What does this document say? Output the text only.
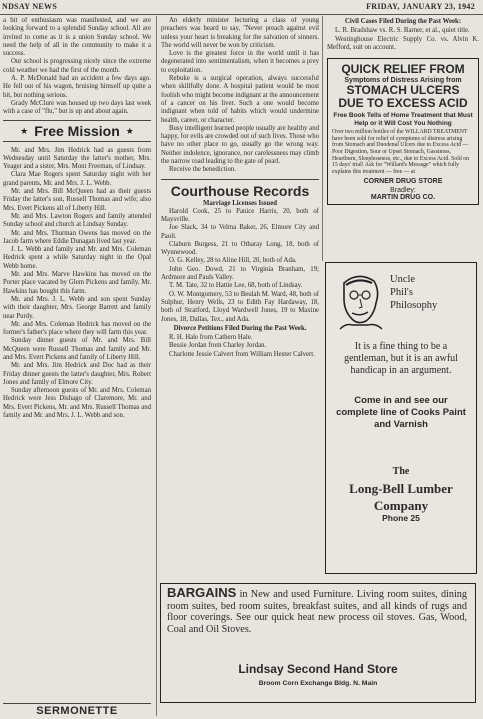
NDSAY NEWS	FRIDAY, JANUARY 23, 1942

a bit of enthusiasm was manifested, and we are looking forward to a splendid Sunday school. All are invited to come as it is a union Sunday school. We need the help of all in the community to make it a success.

Our school is progressing nicely since the extreme cold weather we had the first of the month.

A. P. McDonald had an accident a few days ago. He fell out of his wagon, bruising himself up quite a bit, but nothing serious.

Grady McClure was housed up two days last week with a case of "flu," but is up and about again.

★ Free Mission ★

Mr. and Mrs. Jim Hedrick had as guests from Wednesday until Saturday the latter's mother, Mrs. Yeager and a sister, Mrs. Mont Freeman, of Lindsay.

Clara Mae Rogers spent Saturday night with her grand parents, Mr. and Mrs. J. L. Webb.

Mr. and Mrs. Bill McQueen had as their guests Friday the latter's son, Russell Thomas and wife; also Mrs. Evert Pickens all of Liberty Hill.

Mr. and Mrs. Lawton Rogers and family attended Sunday school and church at Lindsay Sunday.

Mr. and Mrs. Thurman Owens has moved on the Jacob farm where Eddie Dunagan lived last year.

J. L. Webb and family and Mr. and Mrs. Coleman Hedrick spent a while Saturday night in the Opal Webb home.

Mr. and Mrs. Marve Hawkins has moved on the Porter place vacated by Glem Pickens and family. Mr. Hawkins has bought this farm.

Mr. and Mrs. J. L. Webb and son spent Sunday with their daughter, Mrs. George Barrett and family near Purdy.

Mr. and Mrs. Coleman Hedrick has moved on the former's father's place where they will farm this year.

Sunday dinner guests of Mr. and Mrs. Bill McQueen were Russell Thomas and family and Mr. and Mrs. Evert Pickens and family of Liberty Hill.

Mr. and Mrs. Jim Hedrick and Doc had as their Friday dinner guests the latter's daughter, Mrs. Robert Jones and family of Elmore City.

Sunday afternoon guests of Mr. and Mrs. Coleman Hedrick were Jess Dishago of Claremore, Mr. and Mrs. Evert Pickens, Mr. and Mrs. Russell Thomas and family and Mr. and Mrs. J. L. Webb and son.

SERMONETTE

An elderly minister lecturing a class of young preachers was heard to say, "Never preach against evil unless your heart is breaking for the salvation of sinners. The world will never be won by criticism.

Love is the greatest force in the world until it has degenerated into sentimentalism, when it becomes a prey to exploitation.

Rebuke is a surgical operation, always successful when skillfully done. A hospital patient would be most foolish who might become indignant at the announcement of a cancer on his liver. Such a one would become indignant when told of habits which would undermine health, career, or character.

Busy intelligent learned people usually are healthy and happy, for evils are crowded out of such lives. Those who have no other place to go, usually go the wrong way. Neither indolence, ignorance, nor carelessness may climb the narrow road leading to the gate of pearl.

Receive the benediction.

Courthouse Records
Marriage Licenses Issued

Harold Cook, 25 to Panice Harris, 20, both of Maysville.

Joe Slack, 34 to Velma Baker, 26, Elmore City and Paoli.

Claburn Burgess, 21 to Otharay Long, 18, both of Wynnewood.

O. G. Kelley, 28 to Aline Hill, 20, both of Ada.

John Geo. Dowd, 21 to Virginia Branham, 19; Ardmore and Pauls Valley.

T. M. Tate, 32 to Hattie Lee, 68, both of Lindsay.

O. W. Montgomery, 53 to Beulah M. Ward, 48, both of Sulphur, Henry Wells, 23 to Edith Fay Hardaway, 18, both of Stratford, Lloyd Wardwell Jones, 19 to Maxine Jones, 18, Dallas, Tex., and Ada.

Divorce Petitions Filed During the Past Week.

R. H. Hale from Cathern Hale.

Bessie Jordan from Charley Jordan.

Charlotte Jessie Calvert from William Hester Calvert.

Civil Cases Filed During the Past Week:

L. R. Bradshaw vs. R. S. Barner, et al., quiet title.

Westinghouse Electric Supply Co. vs. Alvin K. Mefford, suit on account.

QUICK RELIEF FROM
Symptoms of Distress Arising from
STOMACH ULCERS
DUE TO EXCESS ACID
Free Book Tells of Home Treatment that Must Help or it Will Cost You Nothing
Over two million bottles of the WILLARD TREATMENT have been sold for relief of symptoms of distress arising from Stomach and Duodenal Ulcers due to Excess Acid — Poor Digestion, Sour or Upset Stomach, Gassiness, Heartburn, Sleeplessness, etc., due to Excess Acid. Sold on 15 days' trial! Ask for "Willard's Message" which fully explains this treatment — free — at
CORNER DRUG STORE
Bradley:
MARTIN DRUG CO.
Uncle
Phil's
Philosophy
It is a fine thing to be a gentleman, but it is an awful handicap in an argument.
Come in and see our complete line of Cooks Paint and Varnish
The
Long-Bell Lumber Company
Phone 25
BARGAINS in New and used Furniture. Living room suites, dining room suites, bed room suites, breakfast suites, and all kinds of rugs and floor coverings. See our quick heat new process oil stoves. Gas, Wood, Coal and Oil Stoves.
Lindsay Second Hand Store
Broom Corn Exchange Bldg. N. Main
